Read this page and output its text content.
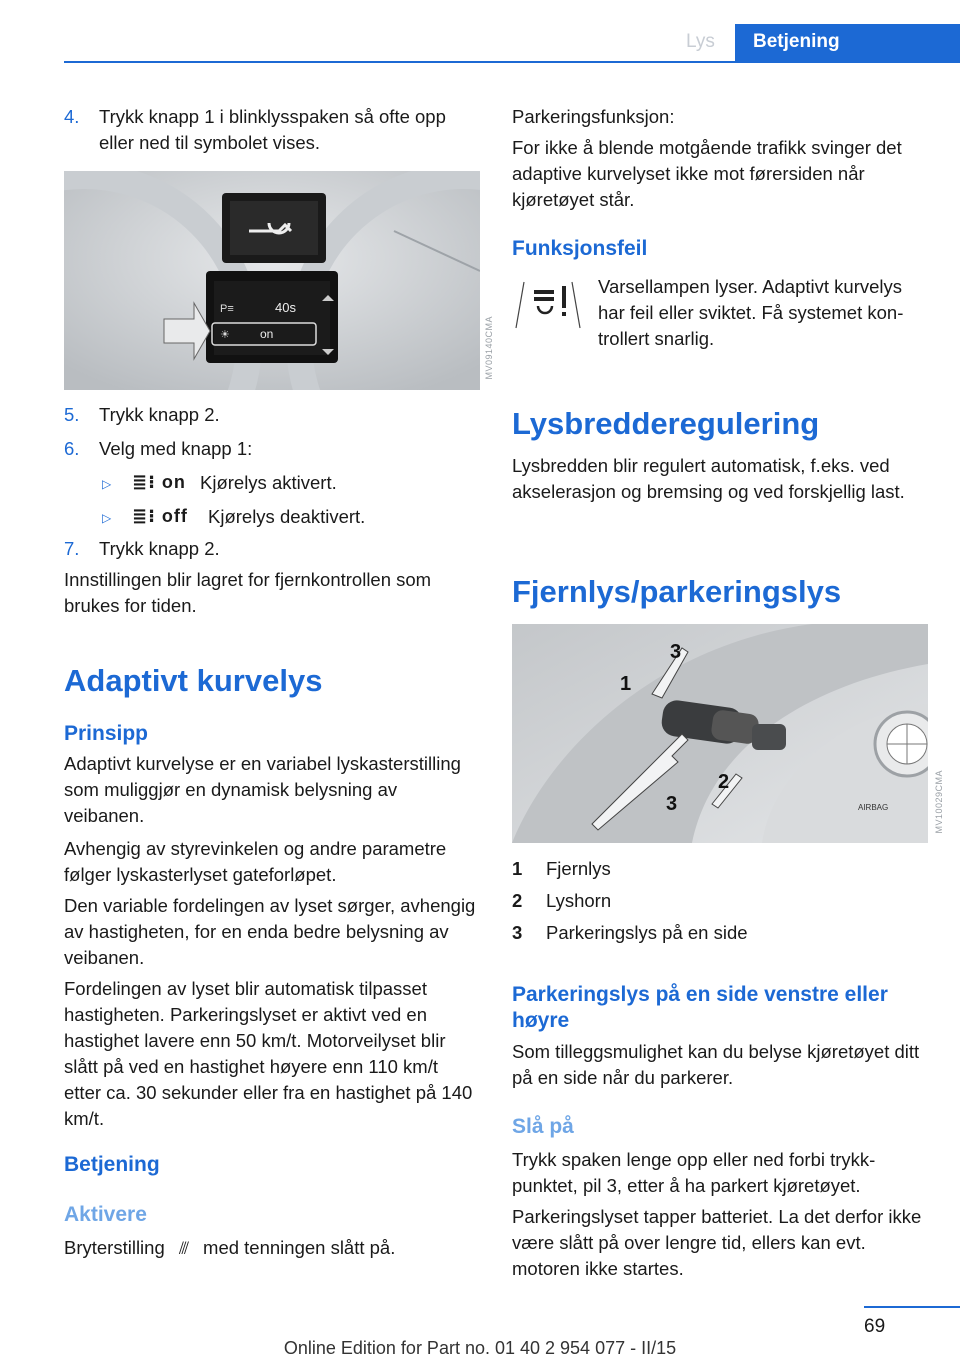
Lys	Betjening
4. Trykk knapp 1 i blinklysspaken så ofte opp eller ned til symbolet vises.

P≡	40s
☀	on	MV09140CMA
5. Trykk knapp 2.

6. Velg med knapp 1:

▷ ≣⁝ on Kjørelys aktivert.

▷ ≣⁝ off Kjørelys deaktivert.

7. Trykk knapp 2.

Innstillingen blir lagret for fjernkontrollen som brukes for tiden.

Adaptivt kurvelys
Prinsipp

Adaptivt kurvelyse er en variabel lyskasterstilling som muliggjør en dynamisk belysning av veibanen.

Avhengig av styrevinkelen og andre parametre følger lyskasterlyset gateforløpet.

Den variable fordelingen av lyset sørger, avhengig av hastigheten, for en enda bedre belysning av veibanen.

Fordelingen av lyset blir automatisk tilpasset hastigheten. Parkeringslyset er aktivt ved en hastighet lavere enn 50 km/t. Motorveilyset blir slått på ved en hastighet høyere enn 110 km/t etter ca. 30 sekunder eller fra en hastighet på 140 km/t.

Betjening
Aktivere

Bryterstilling ⫻ med tenningen slått på.

Parkeringsfunksjon:

For ikke å blende motgående trafikk svinger det adaptive kurvelyset ikke mot førersiden når kjøretøyet står.

Funksjonsfeil

Varsellampen lyser. Adaptivt kurvelys har feil eller sviktet. Få systemet kontrollert snarlig.

Lysbredderegulering

Lysbredden blir regulert automatisk, f.eks. ved akselerasjon og bremsing og ved forskjellig last.

Fjernlys/parkeringslys
1
3
2
3	AIRBAG	MV10029CMA
1 Fjernlys

2 Lyshorn

3 Parkeringslys på en side

Parkeringslys på en side venstre eller høyre

Som tilleggsmulighet kan du belyse kjøretøyet ditt på en side når du parkerer.

Slå på

Trykk spaken lenge opp eller ned forbi trykkpunktet, pil 3, etter å ha parkert kjøretøyet.

Parkeringslyset tapper batteriet. La det derfor ikke være slått på over lengre tid, ellers kan evt. motoren ikke startes.

69
Online Edition for Part no. 01 40 2 954 077 - II/15
